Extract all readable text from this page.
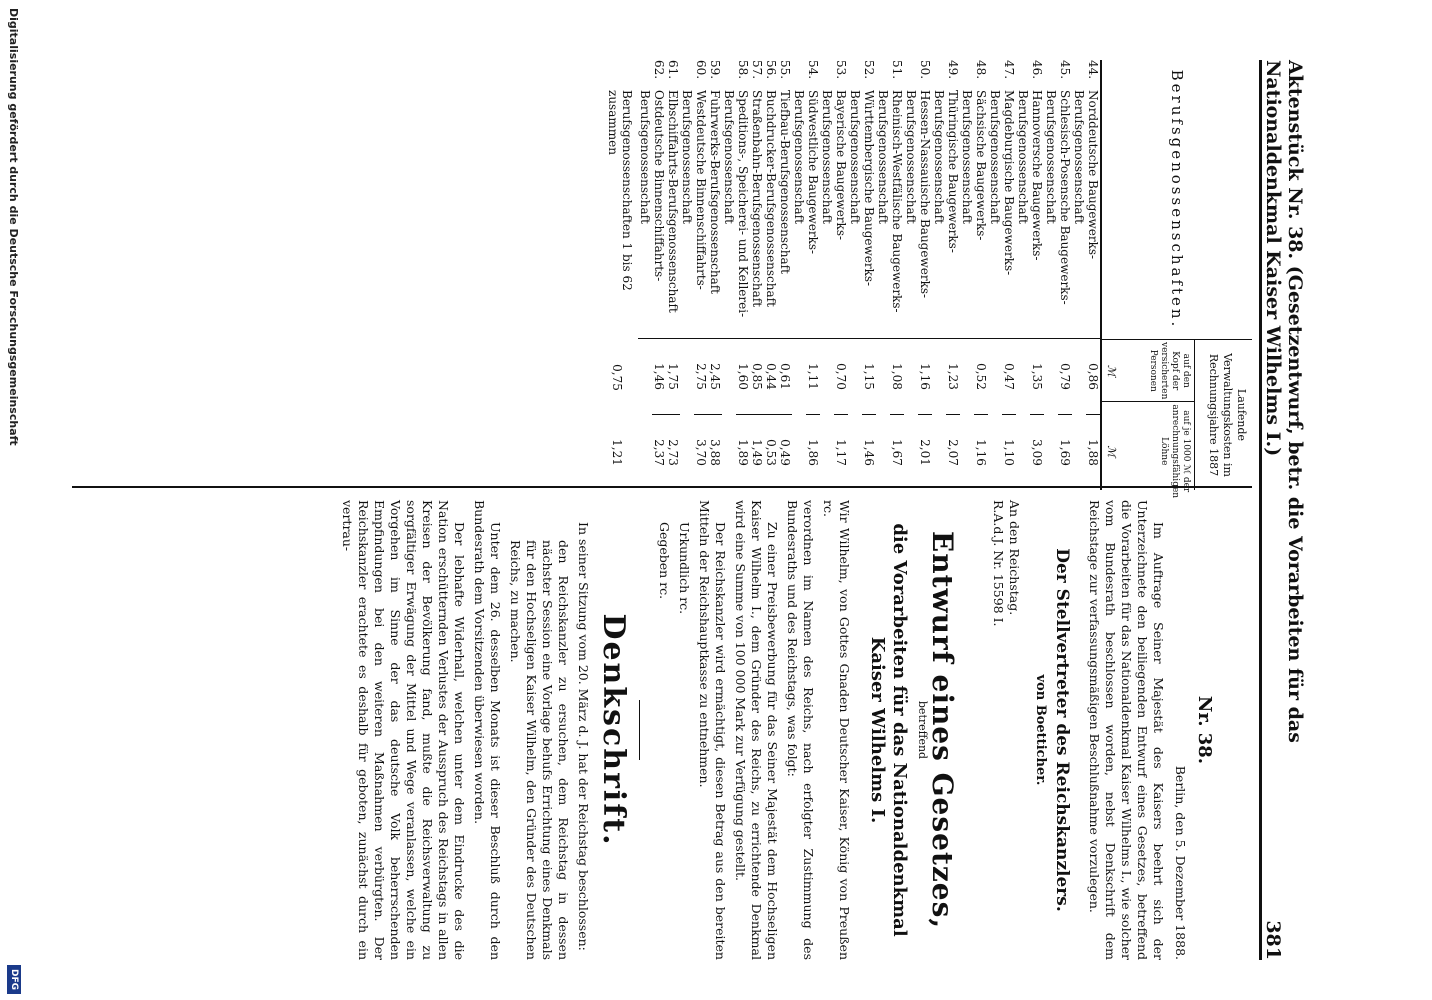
Aktenstück Nr. 38. (Gesetzentwurf, betr. die Vorarbeiten für das Nationaldenkmal Kaiser Wilhelms I.)
381
Berufsgenossenschaften.
Laufende Verwaltungskosten im Rechnungsjahre 1887
auf den Kopf der versicherten Personen
ℳ
auf je 1000 ℳ der anrechnungsfähigen Löhne
ℳ
44.
Norddeutsche Baugewerks-Berufsgenossenschaft
0,86
1,88
45.
Schlesisch-Posensche Baugewerks-Berufsgenossenschaft
0,79
1,69
46.
Hannoversche Baugewerks-Berufsgenossenschaft
1,35
3,09
47.
Magdeburgische Baugewerks-Berufsgenossenschaft
0,47
1,10
48.
Sächsische Baugewerks-Berufsgenossenschaft
0,52
1,16
49.
Thüringische Baugewerks-Berufsgenossenschaft
1,23
2,07
50.
Hessen-Nassauische Baugewerks-Berufsgenossenschaft
1,16
2,01
51.
Rheinisch-Westfälische Baugewerks-Berufsgenossenschaft
1,08
1,67
52.
Württembergische Baugewerks-Berufsgenossenschaft
1,15
1,46
53.
Bayerische Baugewerks-Berufsgenossenschaft
0,70
1,17
54.
Südwestliche Baugewerks-Berufsgenossenschaft
1,11
1,86
55.
Tiefbau-Berufsgenossenschaft
0,61
0,49
56.
Buchdrucker-Berufsgenossenschaft
0,44
0,53
57.
Straßenbahn-Berufsgenossenschaft
0,85
1,49
58.
Speditions-, Speicherei- und Kellerei-Berufsgenossenschaft
1,60
1,89
59.
Fuhrwerks-Berufsgenossenschaft
2,45
3,88
60.
Westdeutsche Binnenschiffahrts-Berufsgenossenschaft
2,75
3,70
61.
Elbschiffahrts-Berufsgenossenschaft
1,75
2,73
62.
Ostdeutsche Binnenschiffahrts-Berufsgenossenschaft
1,46
2,37
Berufsgenossenschaften 1 bis 62 zusammen
0,75
1,21
Nr. 38.
Berlin, den 5. Dezember 1888.

Im Auftrage Seiner Majestät des Kaisers beehrt sich der Unterzeichnete den beiliegenden Entwurf eines Gesetzes, betreffend die Vorarbeiten für das Nationaldenkmal Kaiser Wilhelms I., wie solcher vom Bundesrath beschlossen worden, nebst Denkschrift dem Reichstage zur verfassungsmäßigen Beschlußnahme vorzulegen.

Der Stellvertreter des Reichskanzlers.
von Boetticher.
An den Reichstag.
R.A.d.J. Nr. 15598 I.
Entwurf eines Gesetzes,
betreffend
die Vorarbeiten für das Nationaldenkmal Kaiser Wilhelms I.

Wir Wilhelm, von Gottes Gnaden Deutscher Kaiser, König von Preußen rc.

verordnen im Namen des Reichs, nach erfolgter Zustimmung des Bundesraths und des Reichstags, was folgt:

Zu einer Preisbewerbung für das Seiner Majestät dem Hochseligen Kaiser Wilhelm I., dem Gründer des Reichs, zu errichtende Denkmal wird eine Summe von 100 000 Mark zur Verfügung gestellt.

Der Reichskanzler wird ermächtigt, diesen Betrag aus den bereiten Mitteln der Reichshauptkasse zu entnehmen.

Urkundlich rc.

Gegeben rc.

Denkschrift.

In seiner Sitzung vom 20. März d. J. hat der Reichstag beschlossen:

den Reichskanzler zu ersuchen, dem Reichstag in dessen nächster Session eine Vorlage behufs Errichtung eines Denkmals für den Hochseligen Kaiser Wilhelm, den Gründer des Deutschen Reichs, zu machen.

Unter dem 26. desselben Monats ist dieser Beschluß durch den Bundesrath dem Vorsitzenden überwiesen worden.

Der lebhafte Widerhall, welchen unter dem Eindrucke des die Nation erschütternden Verlustes der Ausspruch des Reichstags in allen Kreisen der Bevölkerung fand, mußte die Reichsverwaltung zu sorgfältiger Erwägung der Mittel und Wege veranlassen, welche ein Vorgehen im Sinne der das deutsche Volk beherrschenden Empfindungen bei den weiteren Maßnahmen verbürgten. Der Reichskanzler erachtete es deshalb für geboten, zunächst durch ein vertrau-

Digitalisierung gefördert durch die Deutsche Forschungsgemeinschaft
DFG
